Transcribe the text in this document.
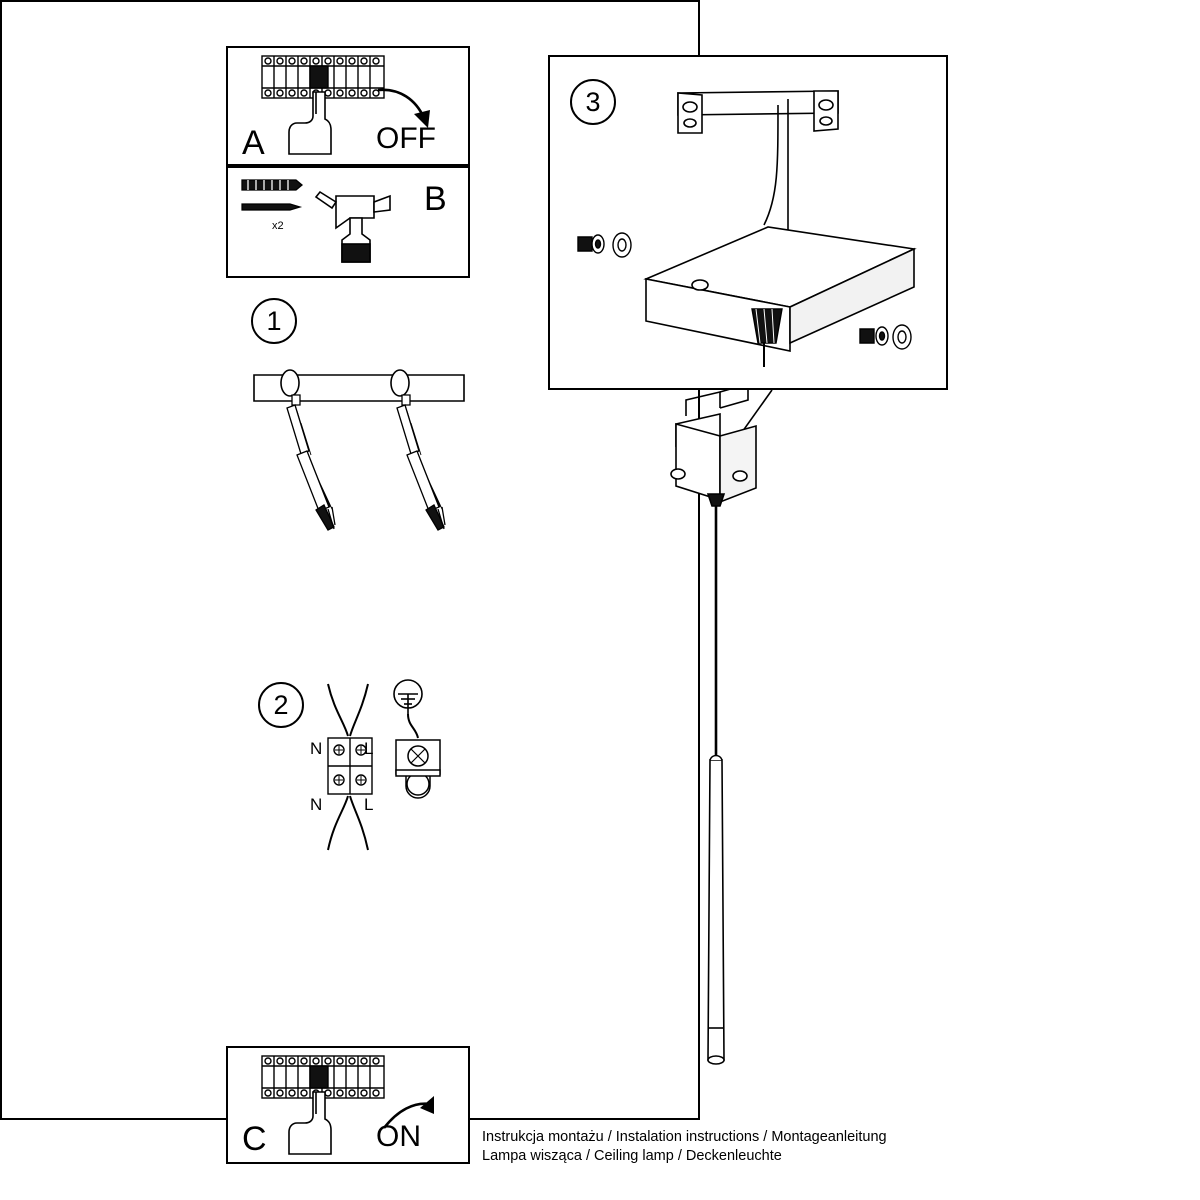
A	OFF
x2
B
1
2
N L
N L
3
C	ON	Instrukcja montażu / Instalation instructions / Montageanleitung
Lampa wisząca / Ceiling lamp / Deckenleuchte
